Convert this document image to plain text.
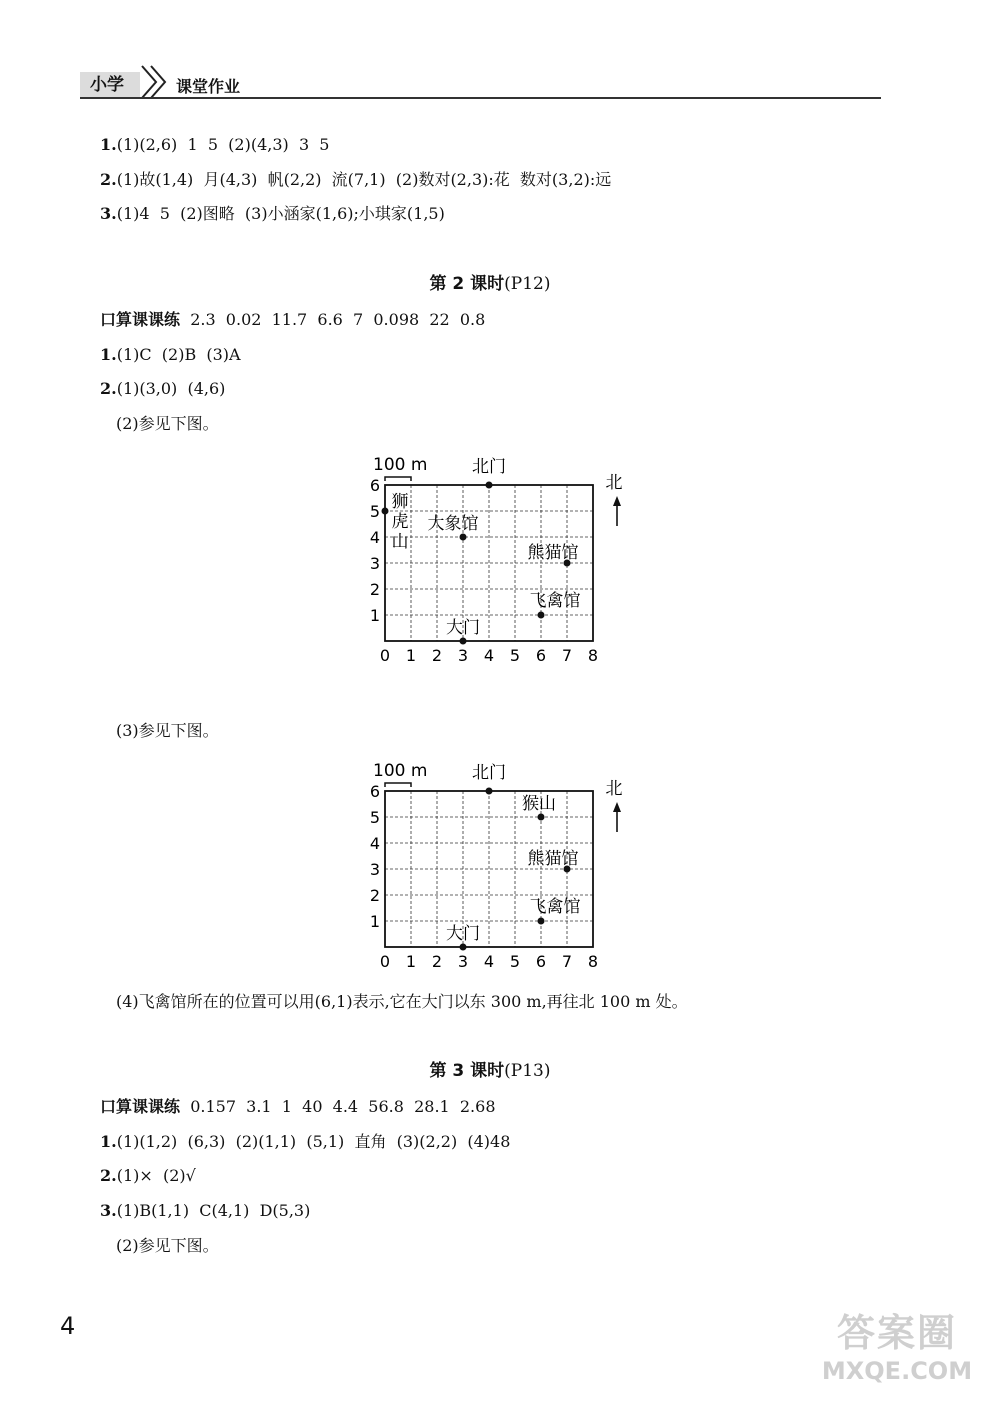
小学	课堂作业
1.(1)(2,6)  1  5  (2)(4,3)  3  5
2.(1)故(1,4)  月(4,3)  帆(2,2)  流(7,1)  (2)数对(2,3):花  数对(3,2):远
3.(1)4  5  (2)图略  (3)小涵家(1,6);小琪家(1,5)
第 2 课时(P12)
口算课课练 2.3  0.02  11.7  6.6  7  0.098  22  0.8
1.(1)C  (2)B  (3)A
2.(1)(3,0)  (4,6)
(2)参见下图。
100 m
0 1 2 3 4 5 6 7 8
1
2
3
4
5
6
北门
狮
虎
山
大象馆
熊猫馆
飞禽馆
大门
北
(3)参见下图。
100 m
0 1 2 3 4 5 6 7 8
1
2
3
4
5
6
北门
猴山
熊猫馆
飞禽馆
大门
北
(4)飞禽馆所在的位置可以用(6,1)表示,它在大门以东 300 m,再往北 100 m 处。
第 3 课时(P13)
口算课课练 0.157  3.1  1  40  4.4  56.8  28.1  2.68
1.(1)(1,2)  (6,3)  (2)(1,1)  (5,1)  直角  (3)(2,2)  (4)48
2.(1)×  (2)√
3.(1)B(1,1)  C(4,1)  D(5,3)
(2)参见下图。
4	答案圈
MXQE.COM
